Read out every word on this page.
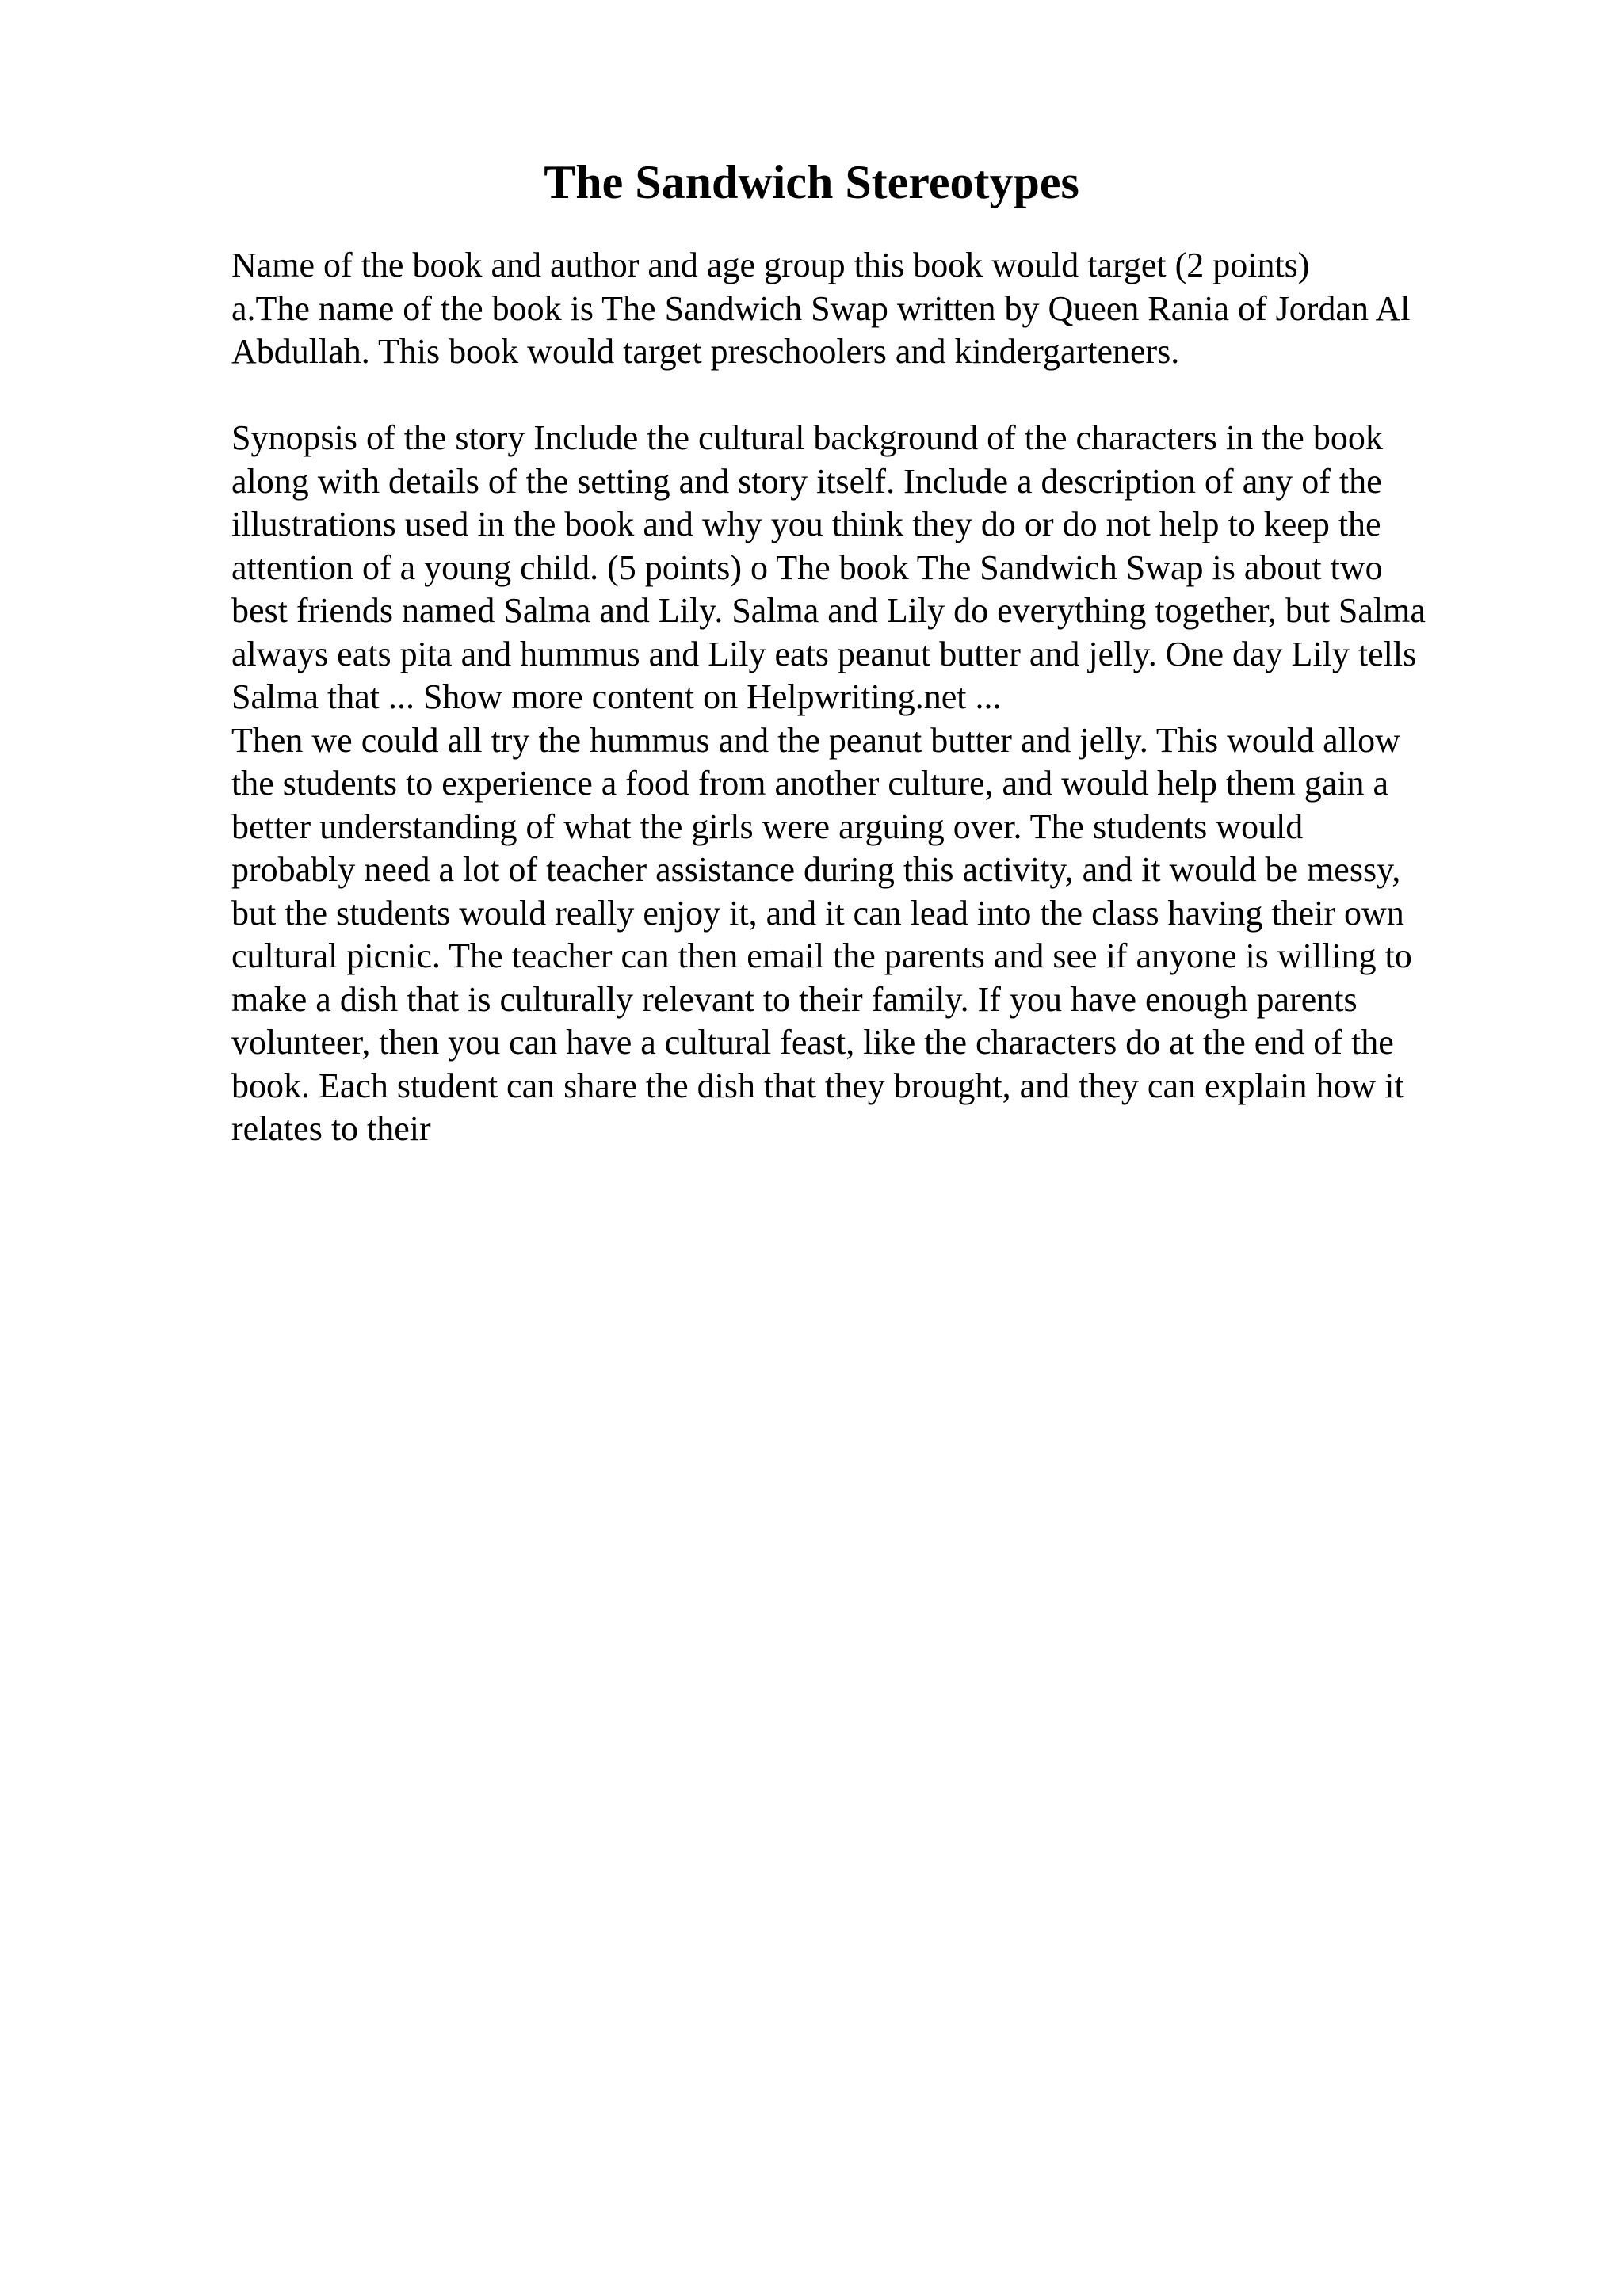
The Sandwich Stereotypes
Name of the book and author and age group this book would target (2 points)
a.The name of the book is The Sandwich Swap written by Queen Rania of Jordan Al
Abdullah. This book would target preschoolers and kindergarteners.
Synopsis of the story Include the cultural background of the characters in the book
along with details of the setting and story itself. Include a description of any of the
illustrations used in the book and why you think they do or do not help to keep the
attention of a young child. (5 points) o The book The Sandwich Swap is about two
best friends named Salma and Lily. Salma and Lily do everything together, but Salma
always eats pita and hummus and Lily eats peanut butter and jelly. One day Lily tells
Salma that ... Show more content on Helpwriting.net ...
Then we could all try the hummus and the peanut butter and jelly. This would allow
the students to experience a food from another culture, and would help them gain a
better understanding of what the girls were arguing over. The students would
probably need a lot of teacher assistance during this activity, and it would be messy,
but the students would really enjoy it, and it can lead into the class having their own
cultural picnic. The teacher can then email the parents and see if anyone is willing to
make a dish that is culturally relevant to their family. If you have enough parents
volunteer, then you can have a cultural feast, like the characters do at the end of the
book. Each student can share the dish that they brought, and they can explain how it
relates to their
